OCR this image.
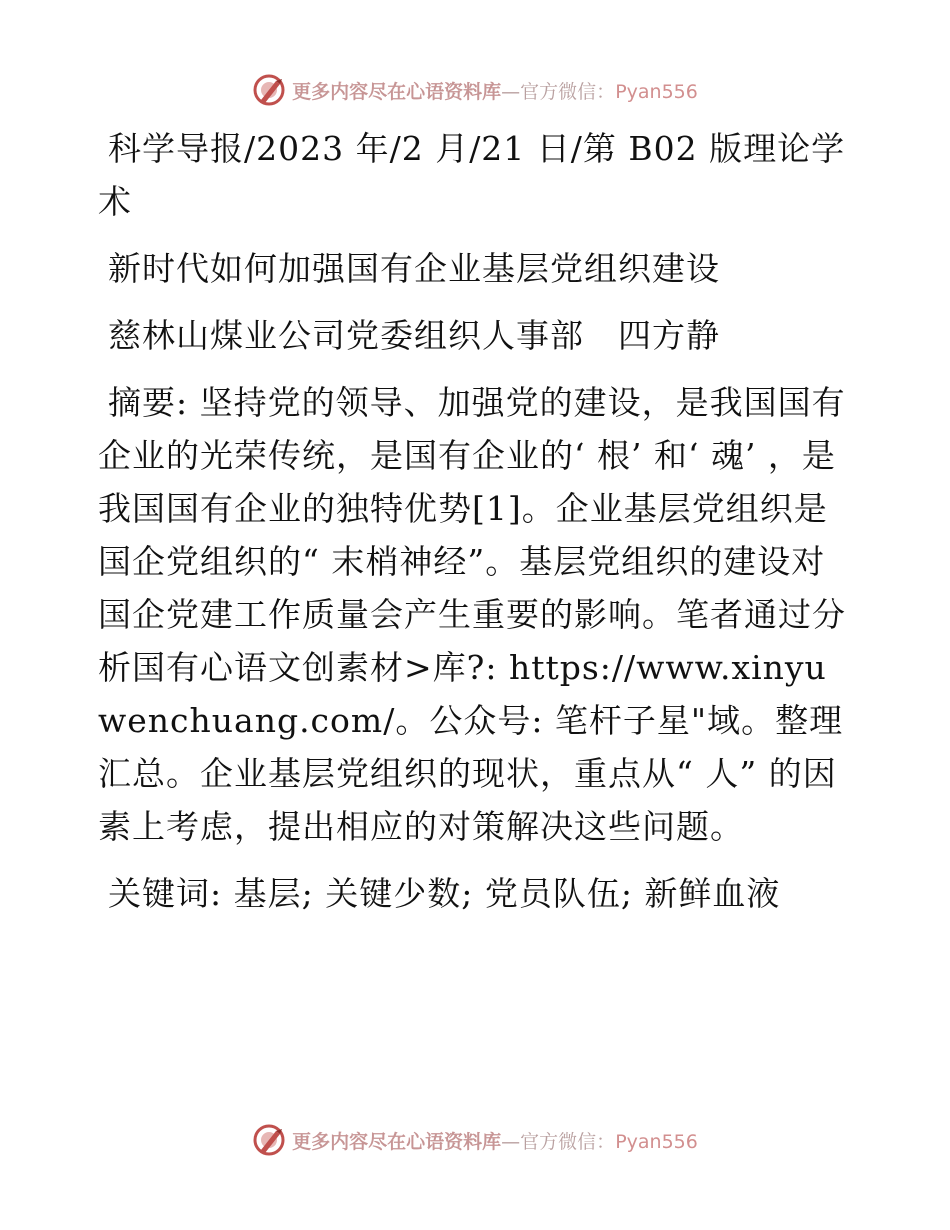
更多内容尽在心语资料库—官方微信：Pyan556

科学导报/2023 年/2 月/21 日/第 B02 版理论学术

新时代如何加强国有企业基层党组织建设

慈林山煤业公司党委组织人事部　四方静

摘要: 坚持党的领导、加强党的建设，是我国国有企业的光荣传统，是国有企业的‘ 根’ 和‘ 魂’ ，是我国国有企业的独特优势[1]。企业基层党组织是国企党组织的“ 末梢神经”。基层党组织的建设对国企党建工作质量会产生重要的影响。笔者通过分析国有心语文创素材>库?: https://www.xinyuwenchuang.com/。公众号: 笔杆子星"域。整理汇总。企业基层党组织的现状，重点从“ 人” 的因素上考虑，提出相应的对策解决这些问题。

关键词: 基层; 关键少数; 党员队伍; 新鲜血液

更多内容尽在心语资料库—官方微信：Pyan556
